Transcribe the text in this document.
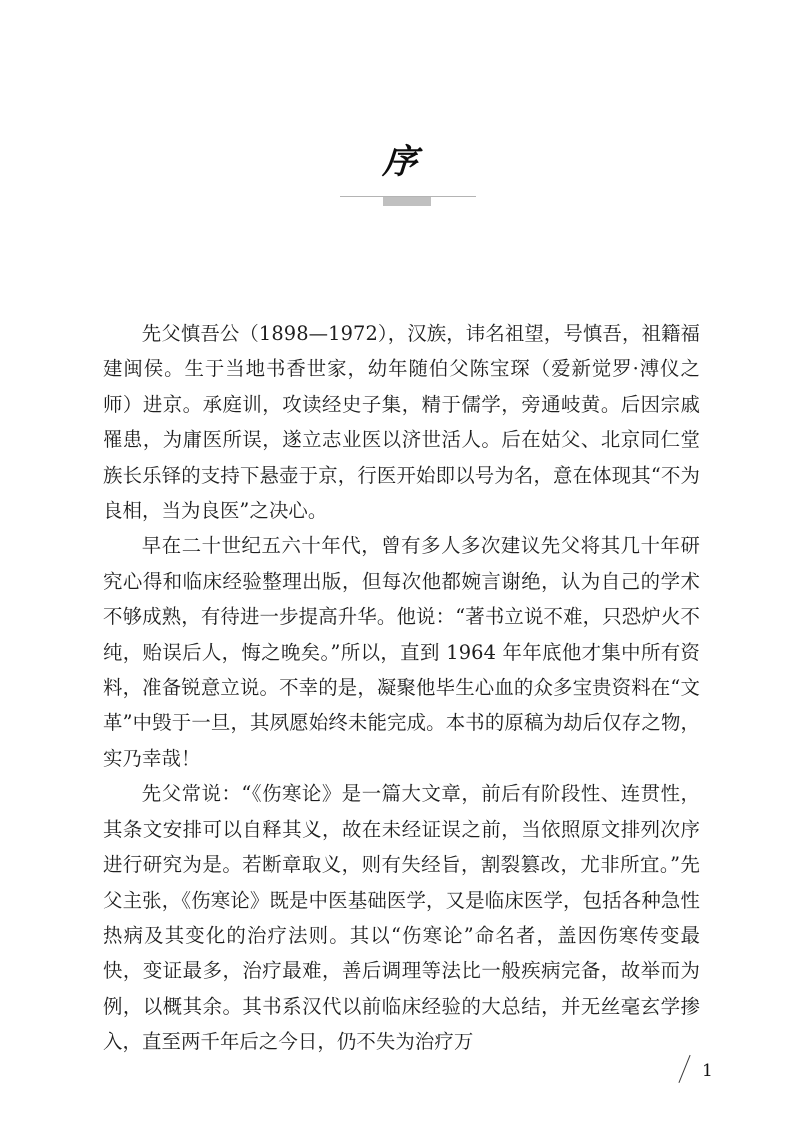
序

先父慎吾公（1898—1972），汉族，讳名祖望，号慎吾，祖籍福建闽侯。生于当地书香世家，幼年随伯父陈宝琛（爱新觉罗·溥仪之师）进京。承庭训，攻读经史子集，精于儒学，旁通岐黄。后因宗戚罹患，为庸医所误，遂立志业医以济世活人。后在姑父、北京同仁堂族长乐铎的支持下悬壶于京，行医开始即以号为名，意在体现其“不为良相，当为良医”之决心。

早在二十世纪五六十年代，曾有多人多次建议先父将其几十年研究心得和临床经验整理出版，但每次他都婉言谢绝，认为自己的学术不够成熟，有待进一步提高升华。他说：“著书立说不难，只恐炉火不纯，贻误后人，悔之晚矣。”所以，直到 1964 年年底他才集中所有资料，准备锐意立说。不幸的是，凝聚他毕生心血的众多宝贵资料在“文革”中毁于一旦，其夙愿始终未能完成。本书的原稿为劫后仅存之物，实乃幸哉！

先父常说：“《伤寒论》是一篇大文章，前后有阶段性、连贯性，其条文安排可以自释其义，故在未经证误之前，当依照原文排列次序进行研究为是。若断章取义，则有失经旨，割裂篡改，尤非所宜。”先父主张，《伤寒论》既是中医基础医学，又是临床医学，包括各种急性热病及其变化的治疗法则。其以“伤寒论”命名者，盖因伤寒传变最快，变证最多，治疗最难，善后调理等法比一般疾病完备，故举而为例，以概其余。其书系汉代以前临床经验的大总结，并无丝毫玄学掺入，直至两千年后之今日，仍不失为治疗万

1
